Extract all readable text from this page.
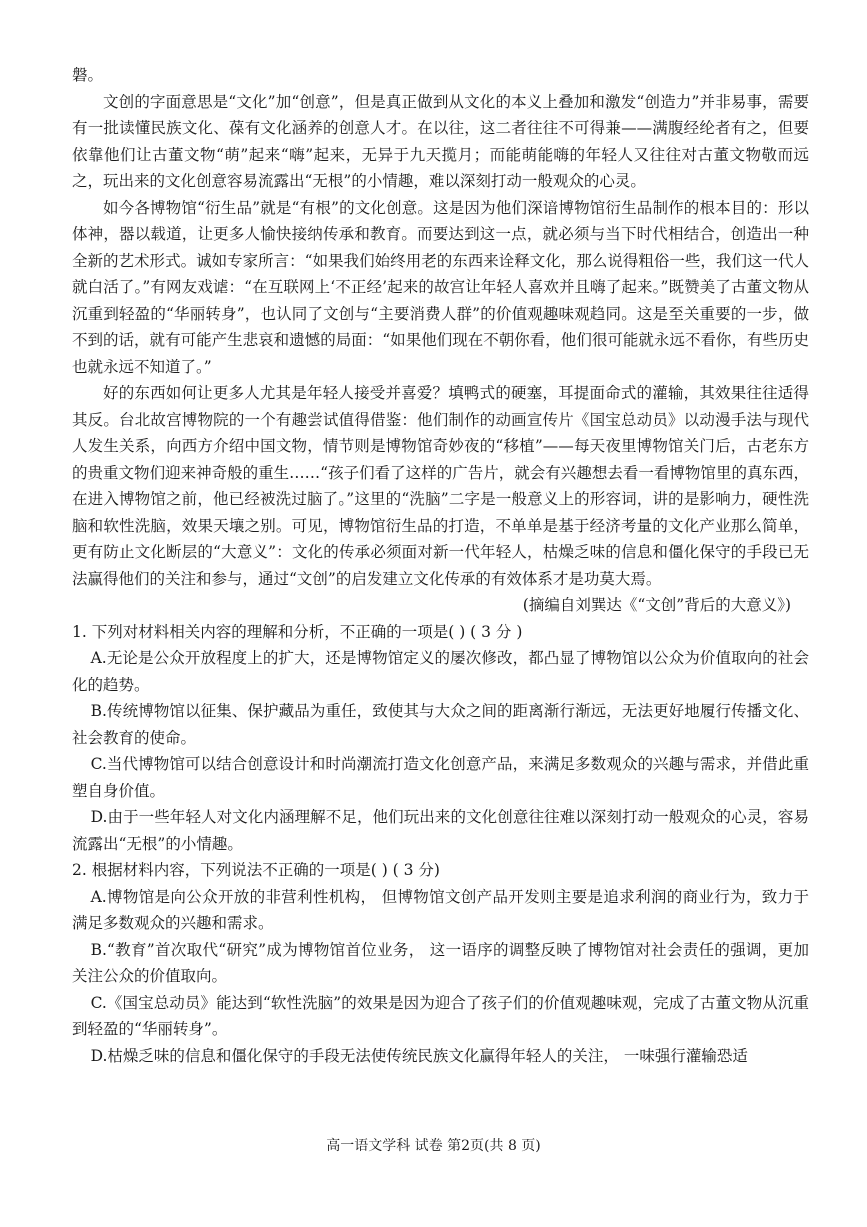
磐。

文创的字面意思是“文化”加“创意”，但是真正做到从文化的本义上叠加和激发“创造力”并非易事，需要有一批读懂民族文化、葆有文化涵养的创意人才。在以往，这二者往往不可得兼——满腹经纶者有之，但要依靠他们让古董文物“萌”起来“嗨”起来，无异于九天揽月；而能萌能嗨的年轻人又往往对古董文物敬而远之，玩出来的文化创意容易流露出“无根”的小情趣，难以深刻打动一般观众的心灵。

如今各博物馆“衍生品”就是“有根”的文化创意。这是因为他们深谙博物馆衍生品制作的根本目的：形以体神，器以载道，让更多人愉快接纳传承和教育。而要达到这一点，就必须与当下时代相结合，创造出一种全新的艺术形式。诚如专家所言：“如果我们始终用老的东西来诠释文化，那么说得粗俗一些，我们这一代人就白活了。”有网友戏谑：“在互联网上‘不正经’起来的故宫让年轻人喜欢并且嗨了起来。”既赞美了古董文物从沉重到轻盈的“华丽转身”，也认同了文创与“主要消费人群”的价值观趣味观趋同。这是至关重要的一步，做不到的话，就有可能产生悲哀和遗憾的局面：“如果他们现在不朝你看，他们很可能就永远不看你，有些历史也就永远不知道了。”

好的东西如何让更多人尤其是年轻人接受并喜爱？填鸭式的硬塞，耳提面命式的灌输，其效果往往适得其反。台北故宫博物院的一个有趣尝试值得借鉴：他们制作的动画宣传片《国宝总动员》以动漫手法与现代人发生关系，向西方介绍中国文物，情节则是博物馆奇妙夜的“移植”——每天夜里博物馆关门后，古老东方的贵重文物们迎来神奇般的重生……“孩子们看了这样的广告片，就会有兴趣想去看一看博物馆里的真东西，在进入博物馆之前，他已经被洗过脑了。”这里的“洗脑”二字是一般意义上的形容词，讲的是影响力，硬性洗脑和软性洗脑，效果天壤之别。可见，博物馆衍生品的打造，不单单是基于经济考量的文化产业那么简单，更有防止文化断层的“大意义”：文化的传承必须面对新一代年轻人，枯燥乏味的信息和僵化保守的手段已无法赢得他们的关注和参与，通过“文创”的启发建立文化传承的有效体系才是功莫大焉。

(摘编自刘巽达《“文创”背后的大意义》)

1. 下列对材料相关内容的理解和分析，不正确的一项是( ) ( 3 分 )

A.无论是公众开放程度上的扩大，还是博物馆定义的屡次修改，都凸显了博物馆以公众为价值取向的社会化的趋势。

B.传统博物馆以征集、保护藏品为重任，致使其与大众之间的距离渐行渐远，无法更好地履行传播文化、社会教育的使命。

C.当代博物馆可以结合创意设计和时尚潮流打造文化创意产品，来满足多数观众的兴趣与需求，并借此重塑自身价值。

D.由于一些年轻人对文化内涵理解不足，他们玩出来的文化创意往往难以深刻打动一般观众的心灵，容易流露出“无根”的小情趣。

2. 根据材料内容，下列说法不正确的一项是( ) ( 3 分)

A.博物馆是向公众开放的非营利性机构， 但博物馆文创产品开发则主要是追求利润的商业行为，致力于满足多数观众的兴趣和需求。

B.“教育”首次取代“研究”成为博物馆首位业务， 这一语序的调整反映了博物馆对社会责任的强调，更加关注公众的价值取向。

C.《国宝总动员》能达到“软性洗脑”的效果是因为迎合了孩子们的价值观趣味观，完成了古董文物从沉重到轻盈的“华丽转身”。

D.枯燥乏味的信息和僵化保守的手段无法使传统民族文化赢得年轻人的关注， 一味强行灌输恐适

高一语文学科 试卷 第2页(共 8 页)
